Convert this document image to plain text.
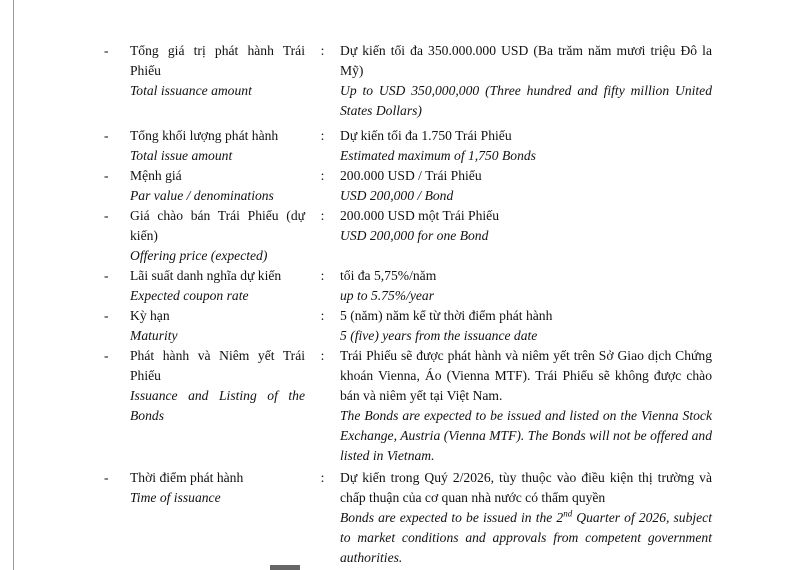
-	Tổng giá trị phát hành Trái Phiếu
Total issuance amount
:	Dự kiến tối đa 350.000.000 USD (Ba trăm năm mươi triệu Đô la Mỹ)
Up to USD 350,000,000 (Three hundred and fifty million United States Dollars)
-	Tổng khối lượng phát hành
Total issue amount
:	Dự kiến tối đa 1.750 Trái Phiếu
Estimated maximum of 1,750 Bonds
-	Mệnh giá
Par value / denominations
:	200.000 USD / Trái Phiếu
USD 200,000 / Bond
-	Giá chào bán Trái Phiếu (dự kiến)
Offering price (expected)
:	200.000 USD một Trái Phiếu
USD 200,000 for one Bond
-	Lãi suất danh nghĩa dự kiến
Expected coupon rate
:	tối đa 5,75%/năm
up to 5.75%/year
-	Kỳ hạn
Maturity
:	5 (năm) năm kể từ thời điểm phát hành
5 (five) years from the issuance date
-	Phát hành và Niêm yết Trái Phiếu
Issuance and Listing of the Bonds
:	Trái Phiếu sẽ được phát hành và niêm yết trên Sở Giao dịch Chứng khoán Vienna, Áo (Vienna MTF). Trái Phiếu sẽ không được chào bán và niêm yết tại Việt Nam.
The Bonds are expected to be issued and listed on the Vienna Stock Exchange, Austria (Vienna MTF). The Bonds will not be offered and listed in Vietnam.
-	Thời điểm phát hành
Time of issuance
:	Dự kiến trong Quý 2/2026, tùy thuộc vào điều kiện thị trường và chấp thuận của cơ quan nhà nước có thẩm quyền
Bonds are expected to be issued in the 2nd Quarter of 2026, subject to market conditions and approvals from competent government authorities.
